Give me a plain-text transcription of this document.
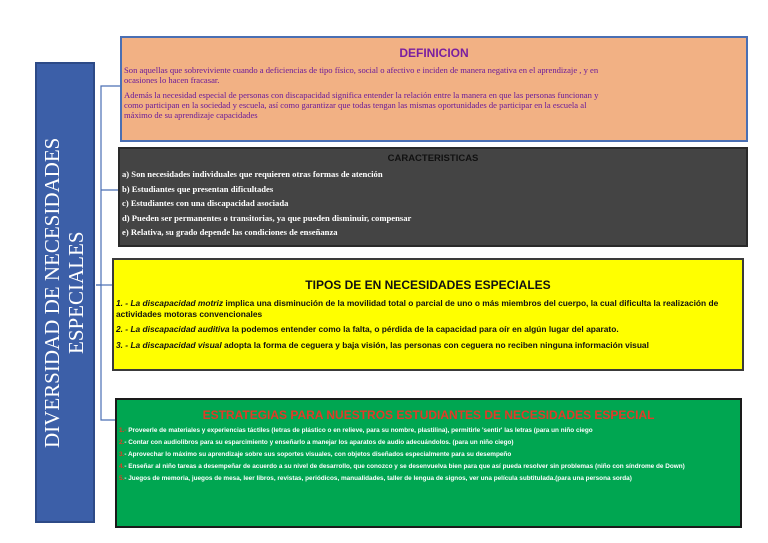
DIVERSIDAD DE NECESIDADES ESPECIALES
DEFINICION

Son aquellas que sobreviviente cuando a deficiencias de tipo físico, social o afectivo e inciden de manera negativa en el aprendizaje , y en
ocasiones lo hacen fracasar.

Además la necesidad especial de personas con discapacidad significa entender la relación entre la manera en que las personas funcionan y
como participan en la sociedad y escuela, así como garantizar que todas tengan las mismas oportunidades de participar en la escuela al
máximo de su aprendizaje capacidades

CARACTERISTICAS
a) Son necesidades individuales que requieren otras formas de atención
b) Estudiantes que presentan dificultades
c) Estudiantes con una discapacidad asociada
d) Pueden ser permanentes o transitorias, ya que pueden disminuir, compensar
e) Relativa, su grado depende las condiciones de enseñanza
TIPOS DE EN NECESIDADES ESPECIALES
1. - La discapacidad motriz implica una disminución de la movilidad total o parcial de uno o más miembros del cuerpo, la cual dificulta la realización de actividades motoras convencionales
2. - La discapacidad auditiva la podemos entender como la falta, o pérdida de la capacidad para oír en algún lugar del aparato.
3. - La discapacidad visual adopta la forma de ceguera y baja visión, las personas con ceguera no reciben ninguna información visual
ESTRATEGIAS PARA NUESTROS ESTUDIANTES DE NECESIDADES ESPECIAL
1.- Proveerle de materiales y experiencias táctiles (letras de plástico o en relieve, para su nombre, plastilina), permitirle 'sentir' las letras (para un niño ciego
2.- Contar con audiolibros para su esparcimiento y enseñarlo a manejar los aparatos de audio adecuándolos. (para un niño ciego)
3.- Aprovechar lo máximo su aprendizaje sobre sus soportes visuales, con objetos diseñados especialmente para su desempeño
4.- Enseñar al niño tareas a desempeñar de acuerdo a su nivel de desarrollo, que conozco y se desenvuelva bien para que así pueda resolver sin problemas (niño con síndrome de Down)
5.- Juegos de memoria, juegos de mesa, leer libros, revistas, periódicos, manualidades, taller de lengua de signos, ver una película subtitulada.(para una persona sorda)
